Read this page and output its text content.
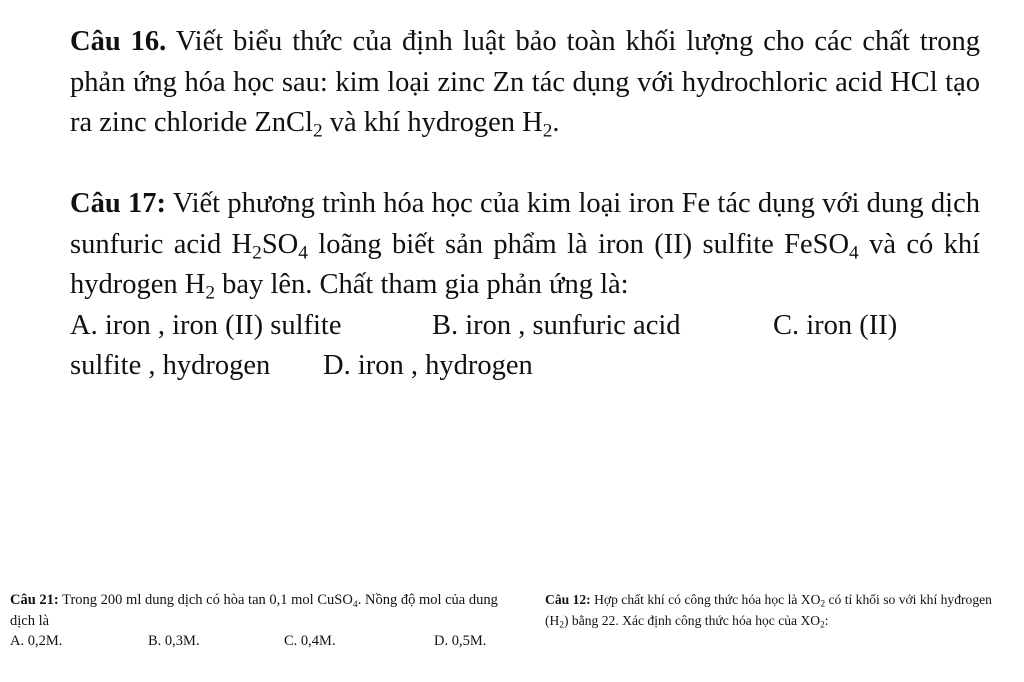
Câu 16. Viết biểu thức của định luật bảo toàn khối lượng cho các chất trong phản ứng hóa học sau: kim loại zinc Zn tác dụng với hydrochloric acid HCl tạo ra zinc chloride ZnCl$_2$ và khí hydrogen $H_2$.

Câu 17: Viết phương trình hóa học của kim loại iron Fe tác dụng với dung dịch sunfuric acid $H_2SO_4$ loãng biết sản phẩm là iron (II) sulfite FeSO$_4$ và có khí hydrogen $H_2$ bay lên. Chất tham gia phản ứng là:

A. iron , iron (II) sulfite	B. iron , sunfuric acid	C. iron (II)
sulfite , hydrogen D. iron , hydrogen

Câu 21: Trong 200 ml dung dịch có hòa tan 0,1 mol CuSO$_4$. Nồng độ mol của dung dịch là

A. 0,2M.	B. 0,3M.	C. 0,4M.	D. 0,5M.

Câu 12: Hợp chất khí có công thức hóa học là $XO_2$ có tỉ khối so với khí hyđrogen $(H_2)$ bằng 22. Xác định công thức hóa học của $XO_2$:
